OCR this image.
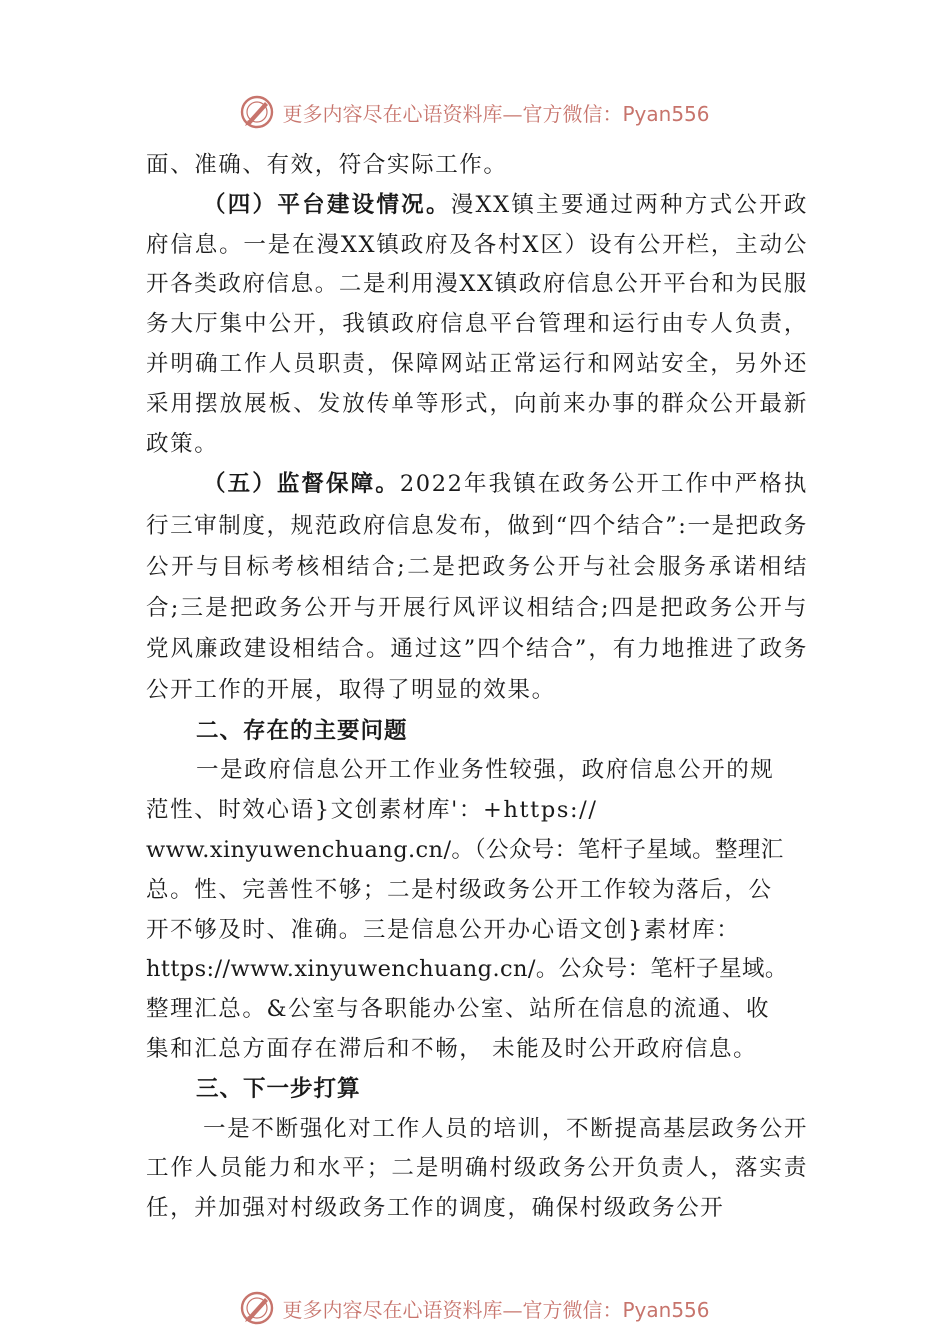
更多内容尽在心语资料库—官方微信：Pyan556

面、准确、有效，符合实际工作。

（四）平台建设情况。漫XX镇主要通过两种方式公开政府信息。一是在漫XX镇政府及各村X区）设有公开栏，主动公开各类政府信息。二是利用漫XX镇政府信息公开平台和为民服务大厅集中公开，我镇政府信息平台管理和运行由专人负责，并明确工作人员职责，保障网站正常运行和网站安全，另外还采用摆放展板、发放传单等形式，向前来办事的群众公开最新政策。

（五）监督保障。2022年我镇在政务公开工作中严格执行三审制度，规范政府信息发布，做到“四个结合”:一是把政务公开与目标考核相结合;二是把政务公开与社会服务承诺相结合;三是把政务公开与开展行风评议相结合;四是把政务公开与党风廉政建设相结合。通过这”四个结合”，有力地推进了政务公开工作的开展，取得了明显的效果。

二、存在的主要问题

一是政府信息公开工作业务性较强，政府信息公开的规
范性、时效心语}文创素材库'：+https://
www.xinyuwenchuang.cn/。（公众号：笔杆子星域。整理汇
总。性、完善性不够；二是村级政务公开工作较为落后，公
开不够及时、准确。三是信息公开办心语文创}素材库：
https://www.xinyuwenchuang.cn/。公众号：笔杆子星域。
整理汇总。&公室与各职能办公室、站所在信息的流通、收
集和汇总方面存在滞后和不畅， 未能及时公开政府信息。

三、下一步打算

一是不断强化对工作人员的培训，不断提高基层政务公开工作人员能力和水平；二是明确村级政务公开负责人，落实责任，并加强对村级政务工作的调度，确保村级政务公开

更多内容尽在心语资料库—官方微信：Pyan556
